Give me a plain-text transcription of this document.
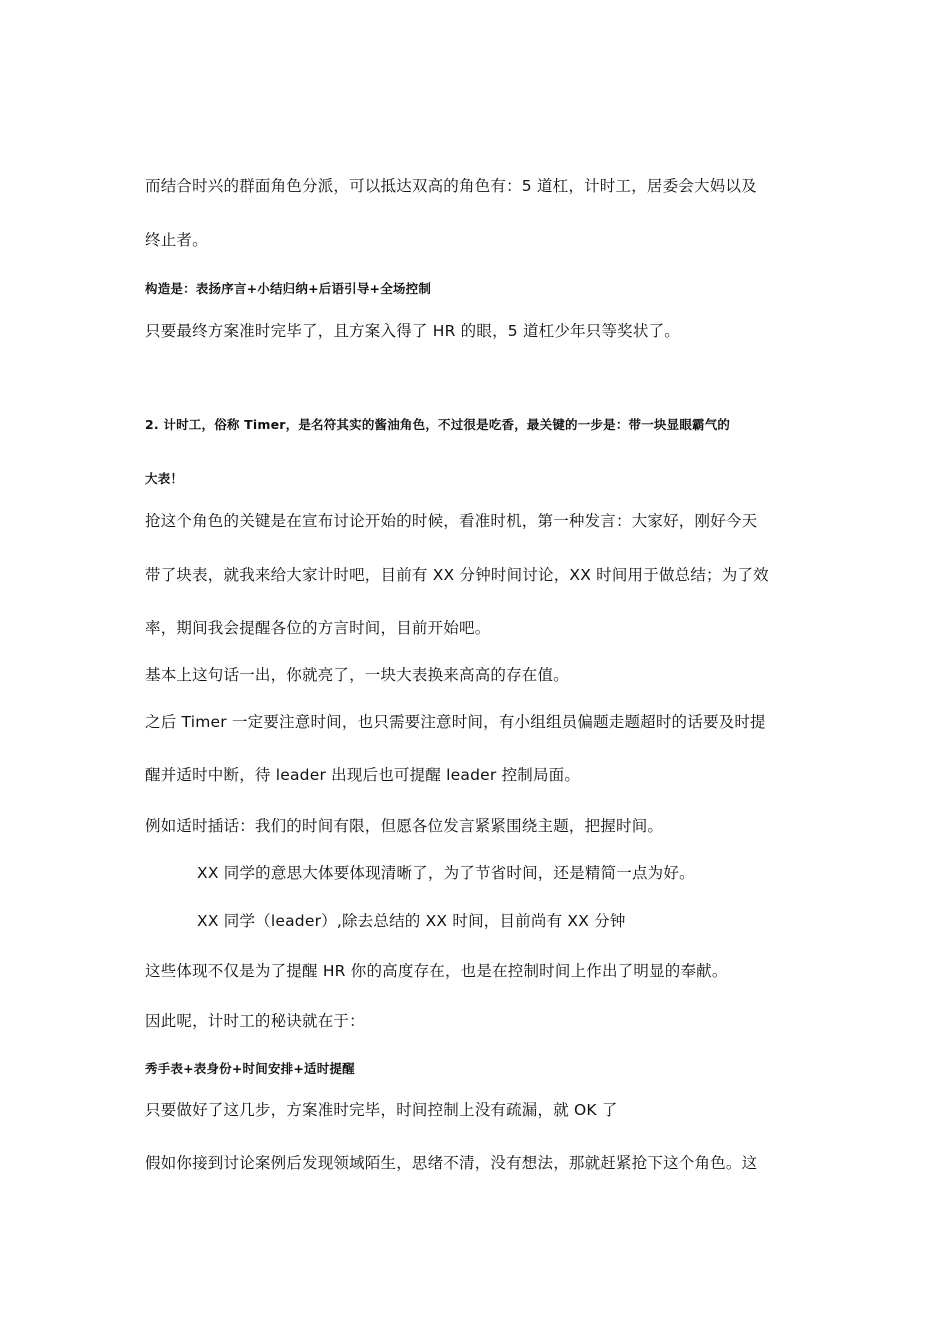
而结合时兴的群面角色分派，可以抵达双高的角色有：5 道杠，计时工，居委会大妈以及
终止者。
构造是：表扬序言+小结归纳+后语引导+全场控制
只要最终方案准时完毕了，且方案入得了 HR 的眼，5 道杠少年只等奖状了。
2. 计时工，俗称 Timer，是名符其实的酱油角色，不过很是吃香，最关键的一步是：带一块显眼霸气的
大表！
抢这个角色的关键是在宣布讨论开始的时候，看准时机，第一种发言：大家好，刚好今天
带了块表，就我来给大家计时吧，目前有 XX 分钟时间讨论，XX 时间用于做总结；为了效
率，期间我会提醒各位的方言时间，目前开始吧。
基本上这句话一出，你就亮了，一块大表换来高高的存在值。
之后 Timer 一定要注意时间，也只需要注意时间，有小组组员偏题走题超时的话要及时提
醒并适时中断，待 leader 出现后也可提醒 leader 控制局面。
例如适时插话：我们的时间有限，但愿各位发言紧紧围绕主题，把握时间。
XX 同学的意思大体要体现清晰了，为了节省时间，还是精简一点为好。
XX 同学（leader）,除去总结的 XX 时间，目前尚有 XX 分钟
这些体现不仅是为了提醒 HR 你的高度存在，也是在控制时间上作出了明显的奉献。
因此呢，计时工的秘诀就在于：
秀手表+表身份+时间安排+适时提醒
只要做好了这几步，方案准时完毕，时间控制上没有疏漏，就 OK 了
假如你接到讨论案例后发现领域陌生，思绪不清，没有想法，那就赶紧抢下这个角色。这
